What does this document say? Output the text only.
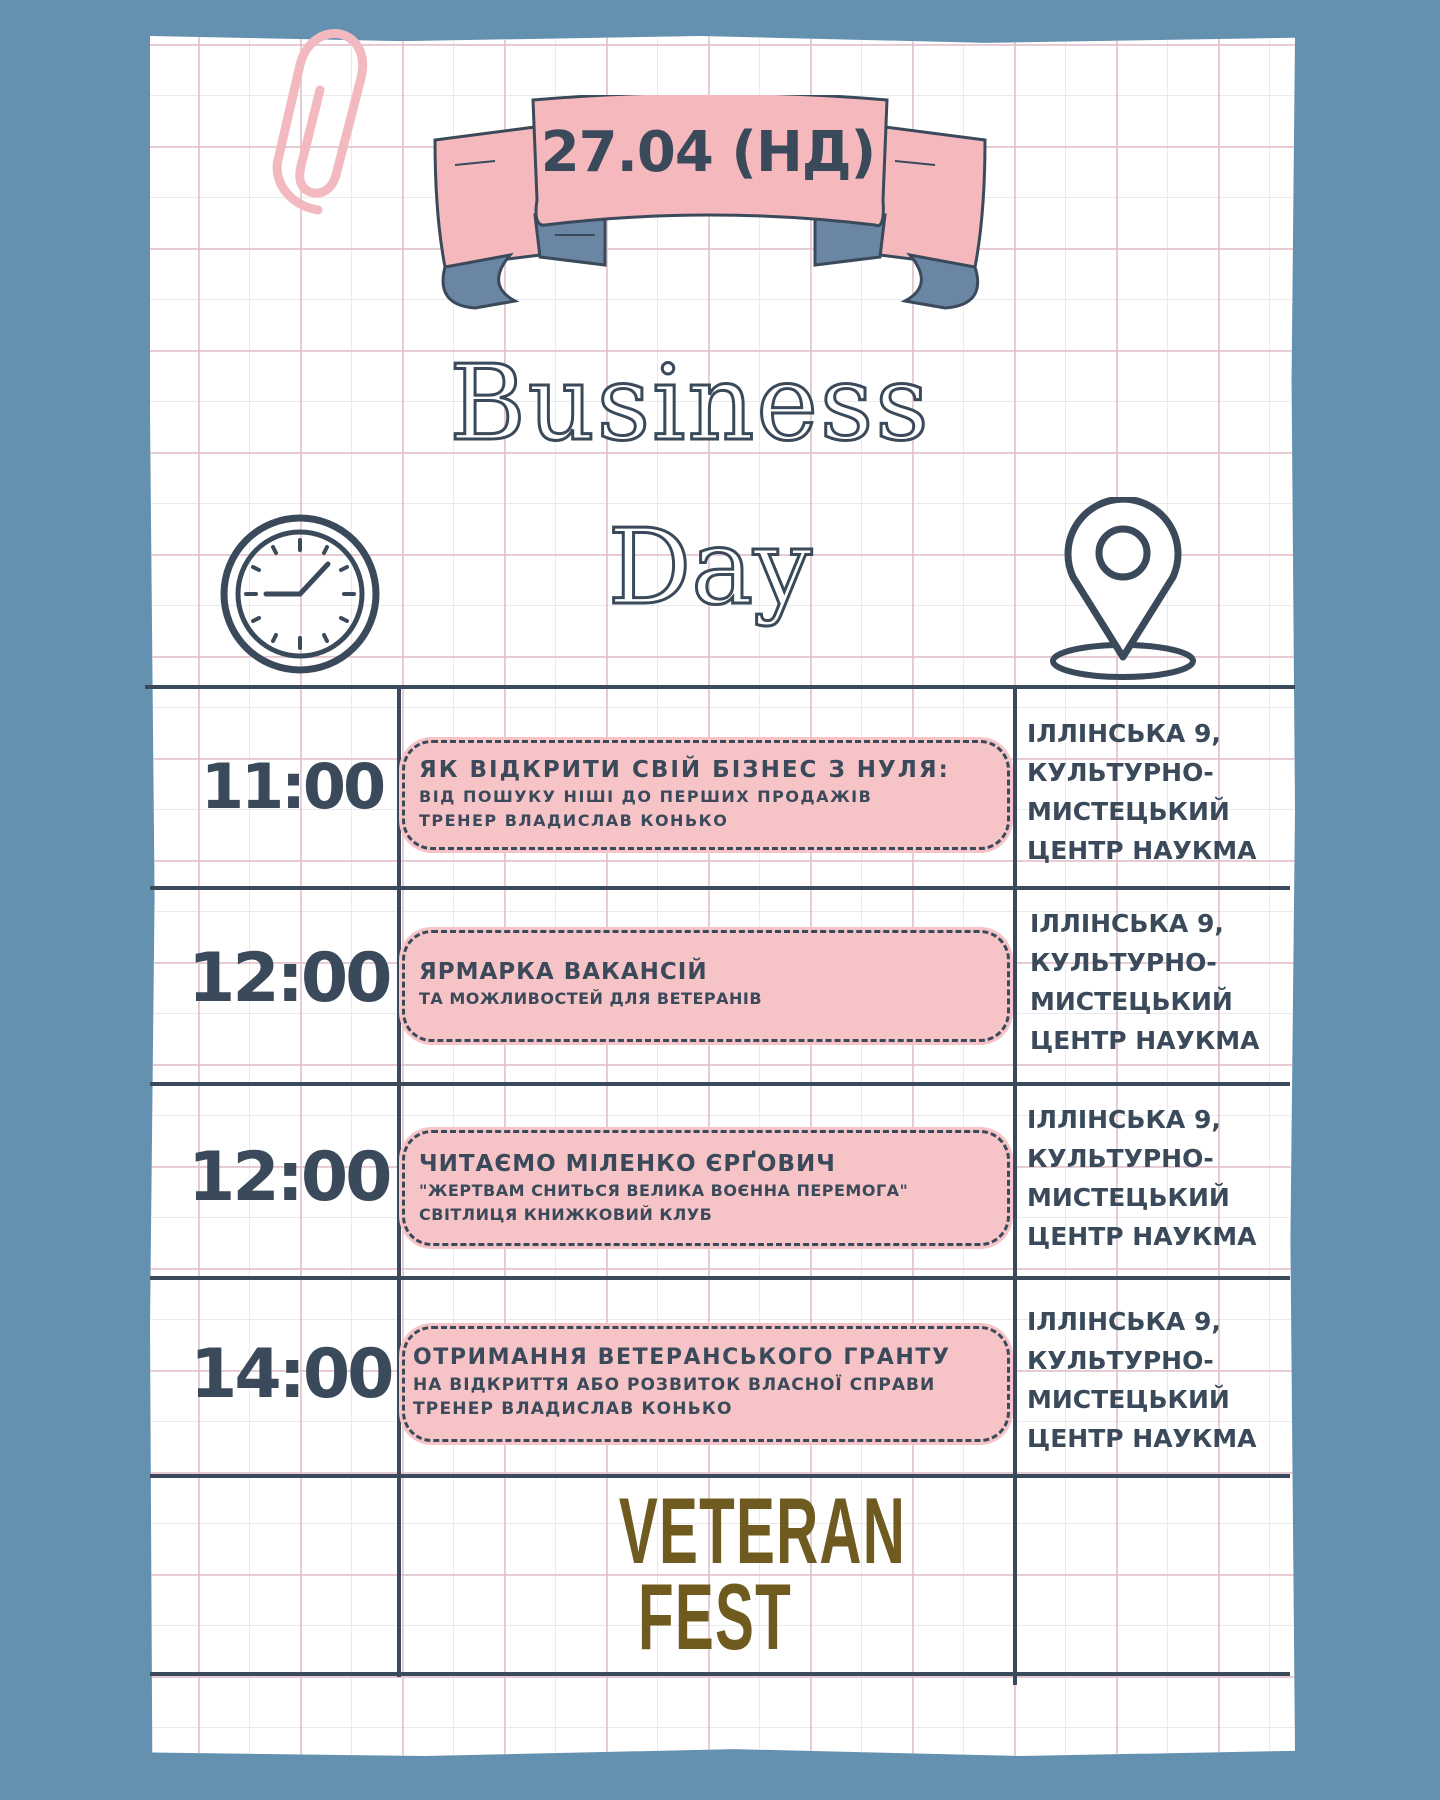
27.04 (НД)
Business
Day
11:00	ЯК ВІДКРИТИ СВІЙ БІЗНЕС З НУЛЯ:
ВІД ПОШУКУ НІШІ ДО ПЕРШИХ ПРОДАЖІВ
ТРЕНЕР ВЛАДИСЛАВ КОНЬКО
ІЛЛІНСЬКА 9,
КУЛЬТУРНО-
МИСТЕЦЬКИЙ
ЦЕНТР НАУКМА
12:00 ЯРМАРКА ВАКАНСІЙ
ТА МОЖЛИВОСТЕЙ ДЛЯ ВЕТЕРАНІВ
ІЛЛІНСЬКА 9,
КУЛЬТУРНО-
МИСТЕЦЬКИЙ
ЦЕНТР НАУКМА
12:00 ЧИТАЄМО МІЛЕНКО ЄРҐОВИЧ
"ЖЕРТВАМ СНИТЬСЯ ВЕЛИКА ВОЄННА ПЕРЕМОГА"
СВІТЛИЦЯ КНИЖКОВИЙ КЛУБ
ІЛЛІНСЬКА 9,
КУЛЬТУРНО-
МИСТЕЦЬКИЙ
ЦЕНТР НАУКМА
14:00 ОТРИМАННЯ ВЕТЕРАНСЬКОГО ГРАНТУ
НА ВІДКРИТТЯ АБО РОЗВИТОК ВЛАСНОЇ СПРАВИ
ТРЕНЕР ВЛАДИСЛАВ КОНЬКО
ІЛЛІНСЬКА 9,
КУЛЬТУРНО-
МИСТЕЦЬКИЙ
ЦЕНТР НАУКМА
VETERAN
FEST
